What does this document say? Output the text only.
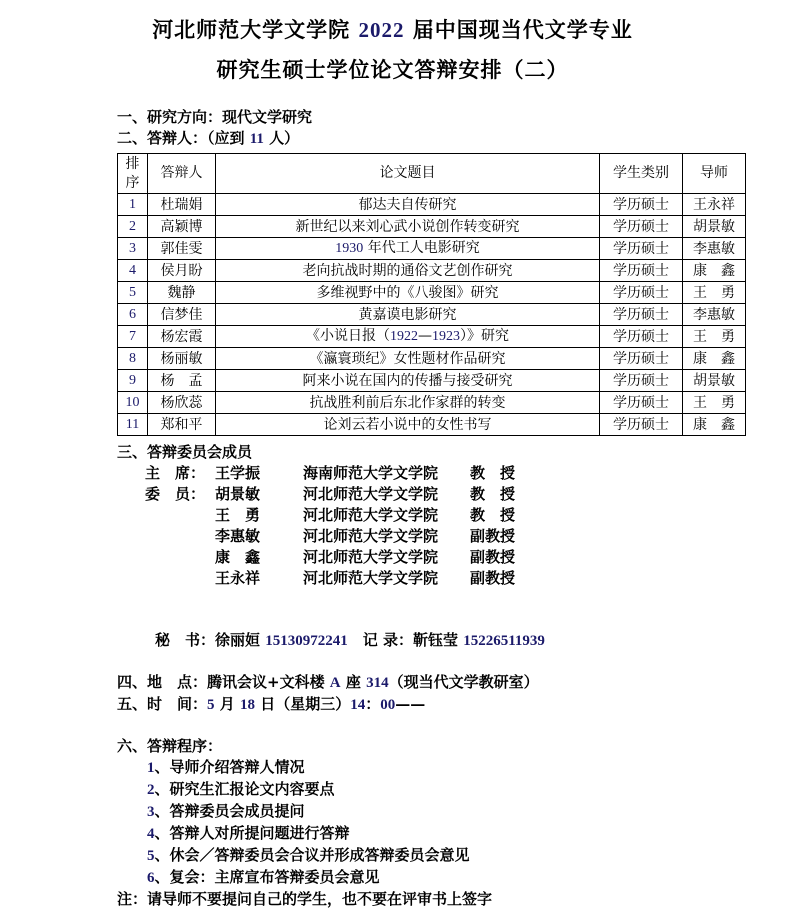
河北师范大学文学院 2022 届中国现当代文学专业
研究生硕士学位论文答辩安排（二）
一、研究方向：现代文学研究
二、答辩人：（应到 11 人）
排序	答辩人	论文题目	学生类别	导师
1	杜瑞娟	郁达夫自传研究	学历硕士	王永祥
2	高颖博	新世纪以来刘心武小说创作转变研究	学历硕士	胡景敏
3	郭佳雯	1930 年代工人电影研究	学历硕士	李惠敏
4	侯月盼	老向抗战时期的通俗文艺创作研究	学历硕士	康　鑫
5	魏静	多维视野中的《八骏图》研究	学历硕士	王　勇
6	信梦佳	黄嘉谟电影研究	学历硕士	李惠敏
7	杨宏霞	《小说日报（1922—1923）》研究	学历硕士	王　勇
8	杨丽敏	《瀛寰琐纪》女性题材作品研究	学历硕士	康　鑫
9	杨　孟	阿来小说在国内的传播与接受研究	学历硕士	胡景敏
10	杨欣蕊	抗战胜利前后东北作家群的转变	学历硕士	王　勇
11	郑和平	论刘云若小说中的女性书写	学历硕士	康　鑫
三、答辩委员会成员
主　席： 王学振	海南师范大学文学院	教　授
委　员： 胡景敏	河北师范大学文学院	教　授
王　勇	河北师范大学文学院	教　授
李惠敏	河北师范大学文学院	副教授
康　鑫	河北师范大学文学院	副教授
王永祥	河北师范大学文学院	副教授
秘　书：徐丽姮 15130972241　记 录：靳钰莹 15226511939
四、地　点：腾讯会议+文科楼 A 座 314（现当代文学教研室）
五、时　间：5 月 18 日（星期三）14：00——
六、答辩程序：
1、导师介绍答辩人情况
2、研究生汇报论文内容要点
3、答辩委员会成员提问
4、答辩人对所提问题进行答辩
5、休会／答辩委员会合议并形成答辩委员会意见
6、复会：主席宣布答辩委员会意见
注：请导师不要提问自己的学生，也不要在评审书上签字
